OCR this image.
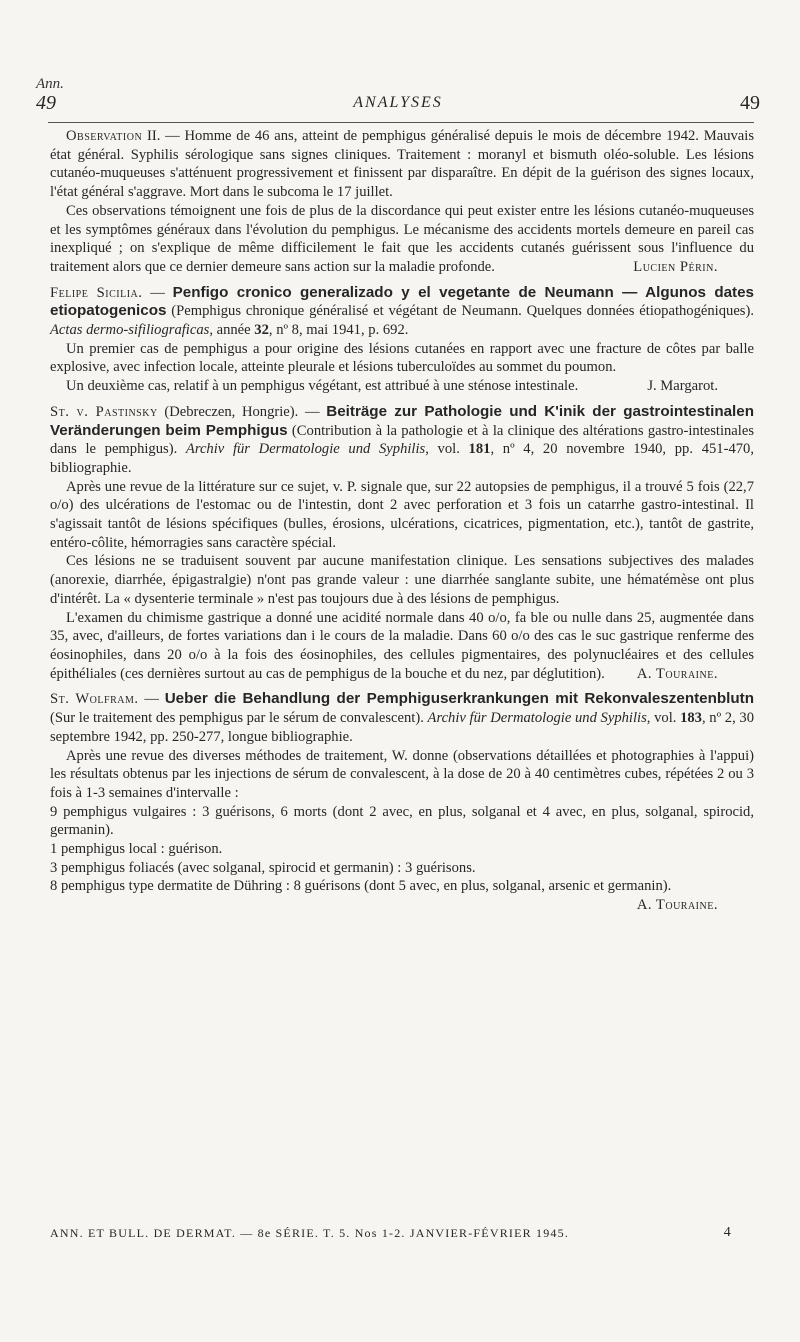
Ann.
49	ANALYSES	49

Observation II. — Homme de 46 ans, atteint de pemphigus généralisé depuis le mois de décembre 1942. Mauvais état général. Syphilis sérologique sans signes cliniques. Traitement : moranyl et bismuth oléo-soluble. Les lésions cutanéo-muqueuses s'atténuent progressivement et finissent par disparaître. En dépit de la guérison des signes locaux, l'état général s'aggrave. Mort dans le subcoma le 17 juillet.

Ces observations témoignent une fois de plus de la discordance qui peut exister entre les lésions cutanéo-muqueuses et les symptômes généraux dans l'évolution du pemphigus. Le mécanisme des accidents mortels demeure en pareil cas inexpliqué ; on s'explique de même difficilement le fait que les accidents cutanés guérissent sous l'influence du traitement alors que ce dernier demeure sans action sur la maladie profonde.	Lucien Périn.

Felipe Sicilia. — Penfigo cronico generalizado y el vegetante de Neumann — Algunos dates etiopatogenicos (Pemphigus chronique généralisé et végétant de Neumann. Quelques données étiopathogéniques). Actas dermo-sifiliograficas, année 32, nº 8, mai 1941, p. 692.

Un premier cas de pemphigus a pour origine des lésions cutanées en rapport avec une fracture de côtes par balle explosive, avec infection locale, atteinte pleurale et lésions tuberculoïdes au sommet du poumon.

Un deuxième cas, relatif à un pemphigus végétant, est attribué à une sténose intestinale.	J. Margarot.

St. v. Pastinsky (Debreczen, Hongrie). — Beiträge zur Pathologie und K'inik der gastrointestinalen Veränderungen beim Pemphigus (Contribution à la pathologie et à la clinique des altérations gastro-intestinales dans le pemphigus). Archiv für Dermatologie und Syphilis, vol. 181, nº 4, 20 novembre 1940, pp. 451-470, bibliographie.

Après une revue de la littérature sur ce sujet, v. P. signale que, sur 22 autopsies de pemphigus, il a trouvé 5 fois (22,7 o/o) des ulcérations de l'estomac ou de l'intestin, dont 2 avec perforation et 3 fois un catarrhe gastro-intestinal. Il s'agissait tantôt de lésions spécifiques (bulles, érosions, ulcérations, cicatrices, pigmentation, etc.), tantôt de gastrite, entéro-côlite, hémorragies sans caractère spécial.

Ces lésions ne se traduisent souvent par aucune manifestation clinique. Les sensations subjectives des malades (anorexie, diarrhée, épigastralgie) n'ont pas grande valeur : une diarrhée sanglante subite, une hématémèse ont plus d'intérêt. La « dysenterie terminale » n'est pas toujours due à des lésions de pemphigus.

L'examen du chimisme gastrique a donné une acidité normale dans 40 o/o, fa ble ou nulle dans 25, augmentée dans 35, avec, d'ailleurs, de fortes variations dan i le cours de la maladie. Dans 60 o/o des cas le suc gastrique renferme des éosinophiles, dans 20 o/o à la fois des éosinophiles, des cellules pigmentaires, des polynucléaires et des cellules épithéliales (ces dernières surtout au cas de pemphigus de la bouche et du nez, par déglutition).	A. Touraine.

St. Wolfram. — Ueber die Behandlung der Pemphiguserkrankungen mit Rekonvaleszentenblutn (Sur le traitement des pemphigus par le sérum de convalescent). Archiv für Dermatologie und Syphilis, vol. 183, nº 2, 30 septembre 1942, pp. 250-277, longue bibliographie.

Après une revue des diverses méthodes de traitement, W. donne (observations détaillées et photographies à l'appui) les résultats obtenus par les injections de sérum de convalescent, à la dose de 20 à 40 centimètres cubes, répétées 2 ou 3 fois à 1-3 semaines d'intervalle :

9 pemphigus vulgaires : 3 guérisons, 6 morts (dont 2 avec, en plus, solganal et 4 avec, en plus, solganal, spirocid, germanin).

1 pemphigus local : guérison.

3 pemphigus foliacés (avec solganal, spirocid et germanin) : 3 guérisons.

8 pemphigus type dermatite de Dühring : 8 guérisons (dont 5 avec, en plus, solganal, arsenic et germanin).
A. Touraine.

ANN. ET BULL. DE DERMAT. — 8e SÉRIE. T. 5. Nos 1-2. JANVIER-FÉVRIER 1945.	4
